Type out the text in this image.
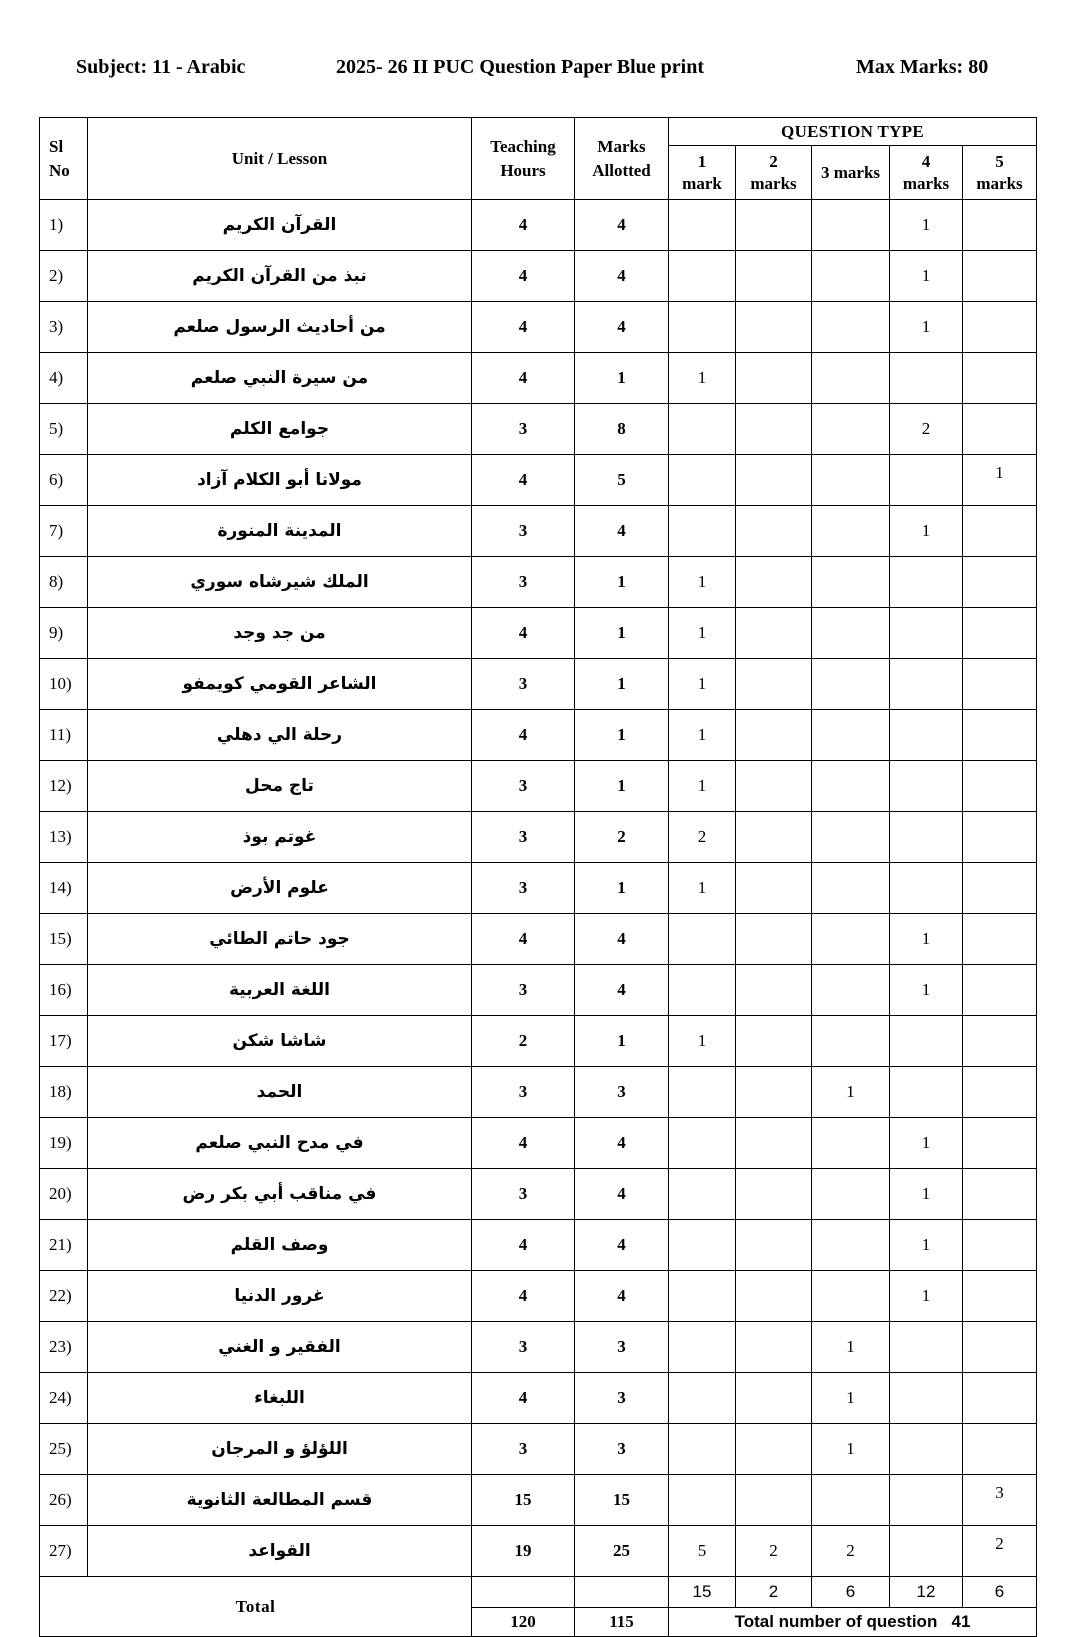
Subject: 11 - Arabic	2025- 26 II PUC Question Paper Blue print	Max Marks: 80
Sl No	Unit / Lesson	Teaching Hours	Marks Allotted	QUESTION TYPE				
				1 mark	2 marks	3 marks	4 marks	5 marks
1)	القرآن الكريم	4	4				1	
2)	نبذ من القرآن الكريم	4	4				1	
3)	من أحاديث الرسول صلعم	4	4				1	
4)	من سيرة النبي صلعم	4	1	1				
5)	جوامع الكلم	3	8				2	
6)	مولانا أبو الكلام آزاد	4	5					1
7)	المدينة المنورة	3	4				1	
8)	الملك شيرشاه سوري	3	1	1				
9)	من جد وجد	4	1	1				
10)	الشاعر القومي كويمفو	3	1	1				
11)	رحلة الي دهلي	4	1	1				
12)	تاج محل	3	1	1				
13)	غوتم بوذ	3	2	2				
14)	علوم الأرض	3	1	1				
15)	جود حاتم الطائي	4	4				1	
16)	اللغة العربية	3	4				1	
17)	شاشا شكن	2	1	1				
18)	الحمد	3	3			1		
19)	في مدح النبي صلعم	4	4				1	
20)	في مناقب أبي بكر رض	3	4				1	
21)	وصف القلم	4	4				1	
22)	غرور الدنيا	4	4				1	
23)	الفقير و الغني	3	3			1		
24)	اللبغاء	4	3			1		
25)	اللؤلؤ و المرجان	3	3			1		
26)	قسم المطالعة الثانوية	15	15					3
27)	القواعد	19	25	5	2	2		2
Total				15	2	6	12	6
		120	115	Total number of question 41				
